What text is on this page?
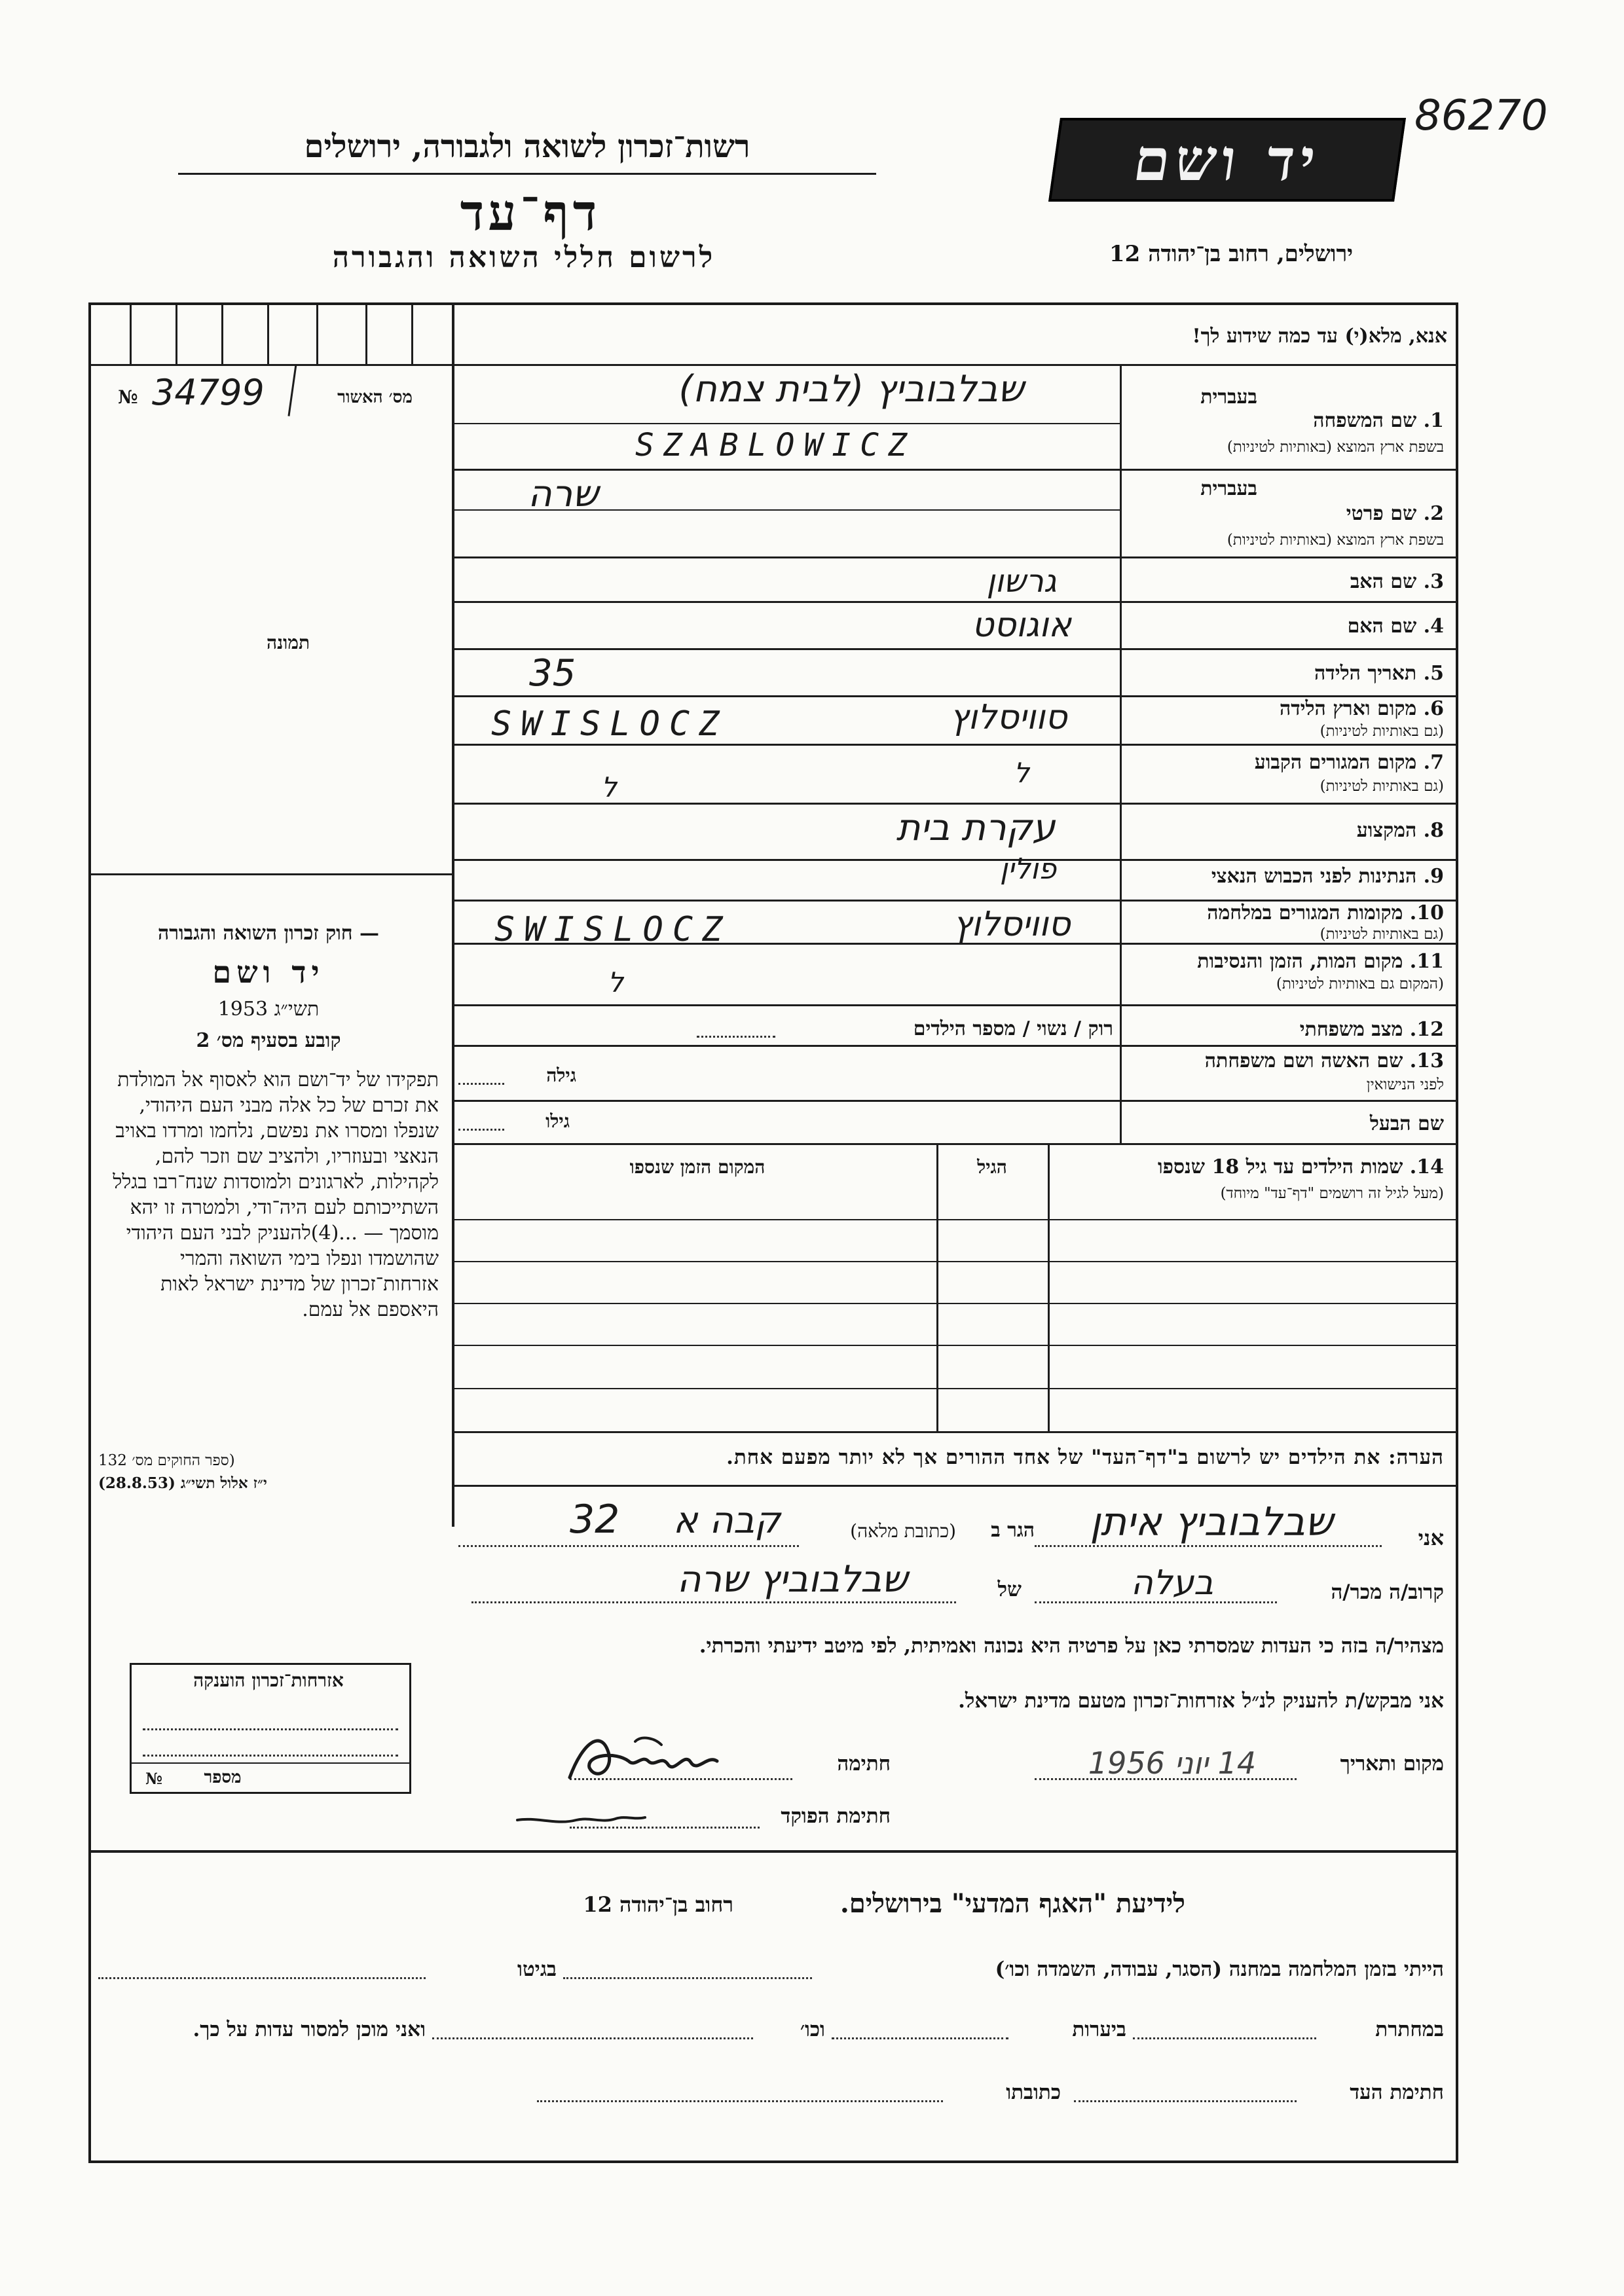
86270
רשות־זכרון לשואה ולגבורה, ירושלים
דף־עד
לרשום חללי השואה והגבורה
יד ושם
ירושלים, רחוב בן־יהודה 12
№ 34799	מס׳ האשור
תמונה
— חוק זכרון השואה והגבורה
יד ושם
תשי״ג 1953
קובע בסעיף מס׳ 2
תפקידו של יד־ושם הוא לאסוף אל המולדת את זכרם של כל אלה מבני העם היהודי, שנפלו ומסרו את נפשם, נלחמו ומרדו באויב הנאצי ובעוזריו, ולהציב שם וזכר להם, לקהילות, לארגונים ולמוסדות שנח־רבו בגלל השתייכותם לעם היה־ודי, ולמטרה זו יהא מוסמך — ...(4)להעניק לבני העם היהודי שהושמדו ונפלו בימי השואה והמרי אזרחות־זכרון של מדינת ישראל לאות היאספם אל עמם.
(ספר החוקים מס׳ 132
י״ז אלול תשי״ג (28.8.53)
אנא, מלא(י) עד כמה שידוע לך!
בעברית
1. שם המשפחה
בשפת ארץ המוצא (באותיות לטיניות)
שבלבוביץ (לבית צמח)
SZABLOWICZ
בעברית
2. שם פרטי
בשפת ארץ המוצא (באותיות לטיניות)
שרה
3. שם האב
גרשון
4. שם האם
אוגוסט
5. תאריך הלידה
35
6. מקום וארץ הלידה
(גם באותיות לטיניות)
סוויסלוץ
SWISLOCZ
7. מקום המגורים הקבוע
(גם באותיות לטיניות)
ל
ל
8. המקצוע
עקרת בית
9. הנתינות לפני הכבוש הנאצי
פולין
10. מקומות המגורים במלחמה
(גם באותיות לטיניות)
סוויסלוץ
SWISLOCZ
11. מקום המות, הזמן והנסיבות
(המקום גם באותיות לטיניות)
ל
12. מצב משפחתי
רוק / נשוי / מספר הילדים
13. שם האשה ושם משפחתה
לפני הנישואין
גילה
שם הבעל
גילו
14. שמות הילדים עד גיל 18 שנספו
(מעל לגיל זה רושמים "דף־עד" מיוחד)
הגיל
המקום הזמן שנספו
הערה: את הילדים יש לרשום ב"דף־העד" של אחד ההורים אך לא יותר מפעם אחת.
אזרחות־זכרון הוענקה
מספר
№
אני
שבלבוביץ איתן
הגר ב
(כתובת מלאה)
קבה א
32
קרוב/ה מכר/ה
בעלה
של
שבלבוביץ שרה
מצהיר/ה בזה כי העדות שמסרתי כאן על פרטיה היא נכונה ואמיתית, לפי מיטב ידיעתי והכרתי.
אני מבקש/ת להעניק לנ״ל אזרחות־זכרון מטעם מדינת ישראל.
מקום ותאריך
14 יוני 1956
חתימה
חתימת הפוקד
לידיעת "האגף המדעי" בירושלים.
רחוב בן־יהודה 12
הייתי בזמן המלחמה במחנה (הסגר, עבודה, השמדה וכו׳)
בגיטו
במחתרת
ביערות
וכו׳
ואני מוכן למסור עדות על כך.
חתימת העד
כתובתו
